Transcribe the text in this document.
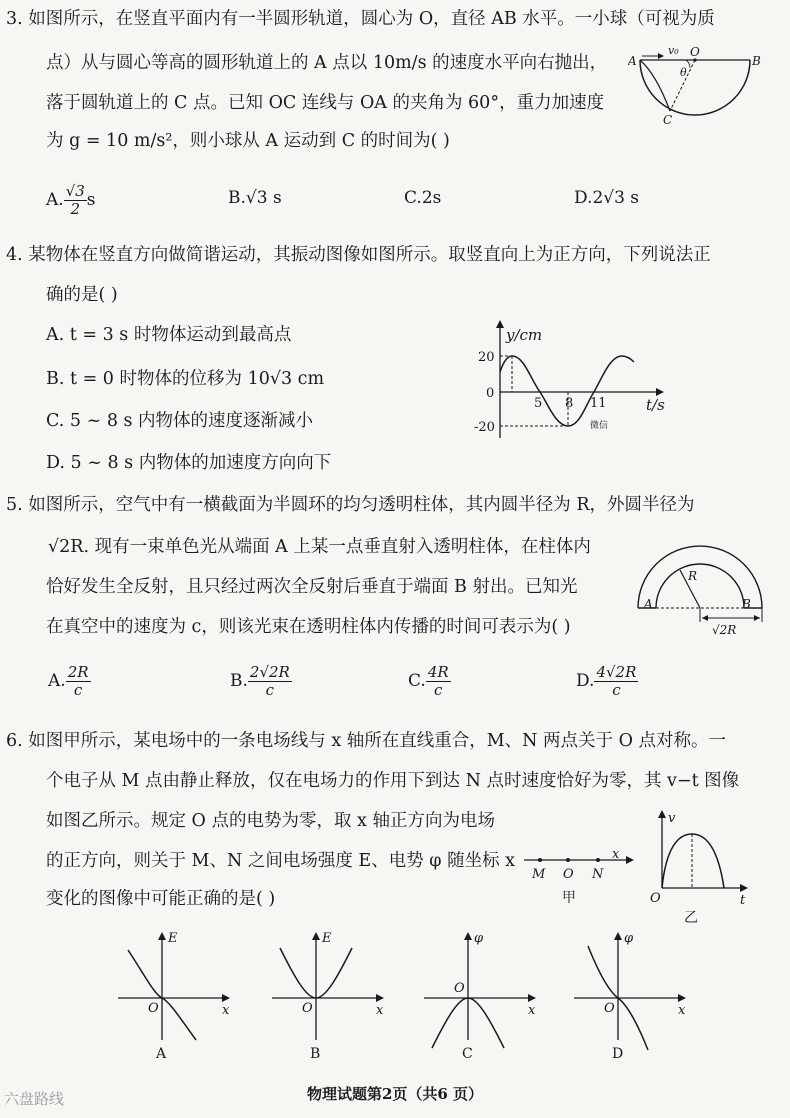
3. 如图所示，在竖直平面内有一半圆形轨道，圆心为 O，直径 AB 水平。一小球（可视为质
点）从与圆心等高的圆形轨道上的 A 点以 10m/s 的速度水平向右抛出，
落于圆轨道上的 C 点。已知 OC 连线与 OA 的夹角为 60°，重力加速度
为 g = 10 m/s²，则小球从 A 运动到 C 的时间为( )
A	B
O
C
v₀
θ
A. $\frac{√3}{2}$ s	B.√3 s	C.2s	D.2√3 s
4. 某物体在竖直方向做简谐运动，其振动图像如图所示。取竖直向上为正方向，下列说法正
确的是( )
A. t = 3 s 时物体运动到最高点
B. t = 0 时物体的位移为 10√3 cm
C. 5 ~ 8 s 内物体的速度逐渐减小
D. 5 ~ 8 s 内物体的加速度方向向下
y/cm
t/s
20
0
-20
5 8 11
微信
5. 如图所示，空气中有一横截面为半圆环的均匀透明柱体，其内圆半径为 R，外圆半径为
√2R. 现有一束单色光从端面 A 上某一点垂直射入透明柱体，在柱体内
恰好发生全反射，且只经过两次全反射后垂直于端面 B 射出。已知光
在真空中的速度为 c，则该光束在透明柱体内传播的时间可表示为( )
A	B
R
√2R
A. $\frac{2R}{c}$	B. $\frac{2√2R}{c}$	C. $\frac{4R}{c}$	D. $\frac{4√2R}{c}$
6. 如图甲所示，某电场中的一条电场线与 x 轴所在直线重合，M、N 两点关于 O 点对称。一
个电子从 M 点由静止释放，仅在电场力的作用下到达 N 点时速度恰好为零，其 v−t 图像
如图乙所示。规定 O 点的电势为零，取 x 轴正方向为电场
的正方向，则关于 M、N 之间电场强度 E、电势 φ 随坐标 x
变化的图像中可能正确的是( )
M O N
x
甲
v
t
O
乙
E
O	x
A
E
O	x
B
φ
O
x
C
φ
O	x
D
物理试题第2页（共6 页）
六盘路线
